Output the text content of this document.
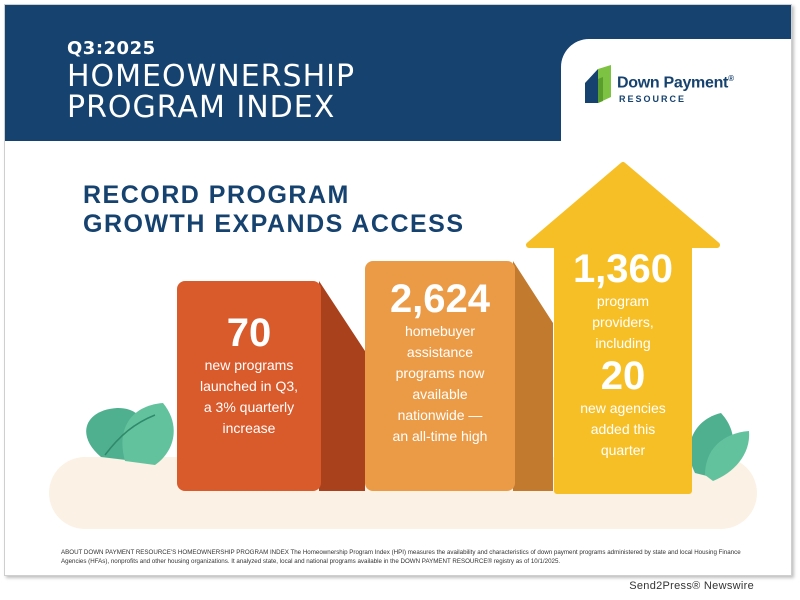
Q3:2025
HOMEOWNERSHIP
PROGRAM INDEX
Down Payment®
RESOURCE
RECORD PROGRAM
GROWTH EXPANDS ACCESS
70
new programs
launched in Q3,
a 3% quarterly
increase
2,624
homebuyer
assistance
programs now
available
nationwide —
an all-time high
1,360
program
providers,
including
20
new agencies
added this
quarter
ABOUT DOWN PAYMENT RESOURCE'S HOMEOWNERSHIP PROGRAM INDEX The Homeownership Program Index (HPI) measures the availability and characteristics of down payment programs administered by state and local Housing Finance Agencies (HFAs), nonprofits and other housing organizations. It analyzed state, local and national programs available in the DOWN PAYMENT RESOURCE® registry as of 10/1/2025.
Send2Press® Newswire
